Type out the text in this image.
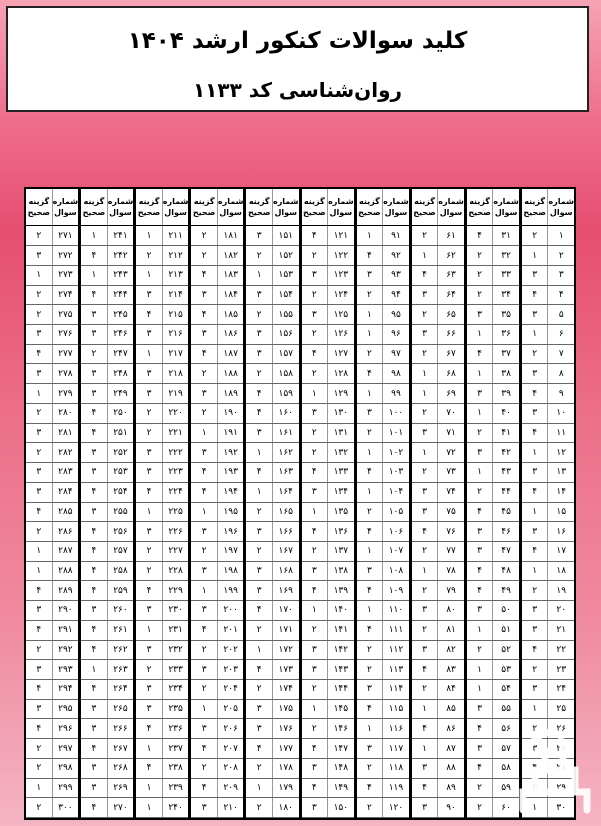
کلید سوالات کنکور ارشد ۱۴۰۴
روان‌شناسی کد ۱۱۳۳
شماره سوال
گزینه صحیح
۱
۲
۲
۱
۳
۳
۴
۴
۵
۳
۶
۱
۷
۲
۸
۳
۹
۴
۱۰
۳
۱۱
۴
۱۲
۱
۱۳
۳
۱۴
۴
۱۵
۱
۱۶
۳
۱۷
۴
۱۸
۱
۱۹
۲
۲۰
۳
۲۱
۳
۲۲
۴
۲۳
۲
۲۴
۳
۲۵
۱
۲۶
۲
۲۷
۳
۲۸
۴
۲۹
۳
۳۰
۱
شماره سوال
گزینه صحیح
۳۱
۴
۳۲
۲
۳۳
۲
۳۴
۲
۳۵
۳
۳۶
۱
۳۷
۴
۳۸
۱
۳۹
۳
۴۰
۱
۴۱
۲
۴۲
۳
۴۳
۱
۴۴
۲
۴۵
۴
۴۶
۳
۴۷
۳
۴۸
۴
۴۹
۴
۵۰
۳
۵۱
۱
۵۲
۲
۵۳
۱
۵۴
۱
۵۵
۳
۵۶
۴
۵۷
۳
۵۸
۴
۵۹
۲
۶۰
۲
شماره سوال
گزینه صحیح
۶۱
۲
۶۲
۱
۶۳
۴
۶۴
۳
۶۵
۲
۶۶
۳
۶۷
۲
۶۸
۱
۶۹
۱
۷۰
۲
۷۱
۳
۷۲
۱
۷۳
۲
۷۴
۳
۷۵
۳
۷۶
۴
۷۷
۲
۷۸
۱
۷۹
۲
۸۰
۳
۸۱
۲
۸۲
۳
۸۳
۴
۸۴
۲
۸۵
۱
۸۶
۴
۸۷
۱
۸۸
۳
۸۹
۴
۹۰
۳
شماره سوال
گزینه صحیح
۹۱
۱
۹۲
۴
۹۳
۳
۹۴
۲
۹۵
۱
۹۶
۱
۹۷
۲
۹۸
۴
۹۹
۱
۱۰۰
۳
۱۰۱
۲
۱۰۲
۱
۱۰۳
۴
۱۰۴
۱
۱۰۵
۲
۱۰۶
۴
۱۰۷
۱
۱۰۸
۳
۱۰۹
۴
۱۱۰
۱
۱۱۱
۴
۱۱۲
۲
۱۱۳
۲
۱۱۴
۳
۱۱۵
۴
۱۱۶
۱
۱۱۷
۳
۱۱۸
۲
۱۱۹
۴
۱۲۰
۲
شماره سوال
گزینه صحیح
۱۲۱
۴
۱۲۲
۲
۱۲۳
۳
۱۲۴
۲
۱۲۵
۳
۱۲۶
۲
۱۲۷
۴
۱۲۸
۲
۱۲۹
۱
۱۳۰
۳
۱۳۱
۲
۱۳۲
۲
۱۳۳
۴
۱۳۴
۳
۱۳۵
۱
۱۳۶
۴
۱۳۷
۲
۱۳۸
۳
۱۳۹
۴
۱۴۰
۱
۱۴۱
۲
۱۴۲
۳
۱۴۳
۳
۱۴۴
۲
۱۴۵
۱
۱۴۶
۲
۱۴۷
۴
۱۴۸
۳
۱۴۹
۴
۱۵۰
۳
شماره سوال
گزینه صحیح
۱۵۱
۳
۱۵۲
۲
۱۵۳
۱
۱۵۴
۳
۱۵۵
۲
۱۵۶
۳
۱۵۷
۳
۱۵۸
۲
۱۵۹
۴
۱۶۰
۴
۱۶۱
۳
۱۶۲
۱
۱۶۳
۴
۱۶۴
۱
۱۶۵
۲
۱۶۶
۳
۱۶۷
۲
۱۶۸
۳
۱۶۹
۳
۱۷۰
۴
۱۷۱
۲
۱۷۲
۱
۱۷۳
۴
۱۷۴
۲
۱۷۵
۳
۱۷۶
۳
۱۷۷
۴
۱۷۸
۲
۱۷۹
۱
۱۸۰
۲
شماره سوال
گزینه صحیح
۱۸۱
۲
۱۸۲
۲
۱۸۳
۴
۱۸۴
۳
۱۸۵
۴
۱۸۶
۳
۱۸۷
۴
۱۸۸
۲
۱۸۹
۳
۱۹۰
۲
۱۹۱
۱
۱۹۲
۳
۱۹۳
۴
۱۹۴
۴
۱۹۵
۱
۱۹۶
۳
۱۹۷
۲
۱۹۸
۳
۱۹۹
۱
۲۰۰
۳
۲۰۱
۴
۲۰۲
۲
۲۰۳
۳
۲۰۴
۲
۲۰۵
۱
۲۰۶
۳
۲۰۷
۴
۲۰۸
۲
۲۰۹
۴
۲۱۰
۳
شماره سوال
گزینه صحیح
۲۱۱
۱
۲۱۲
۲
۲۱۳
۱
۲۱۴
۳
۲۱۵
۴
۲۱۶
۳
۲۱۷
۱
۲۱۸
۳
۲۱۹
۳
۲۲۰
۲
۲۲۱
۲
۲۲۲
۳
۲۲۳
۳
۲۲۴
۴
۲۲۵
۱
۲۲۶
۳
۲۲۷
۲
۲۲۸
۲
۲۲۹
۴
۲۳۰
۳
۲۳۱
۱
۲۳۲
۳
۲۳۳
۲
۲۳۴
۳
۲۳۵
۳
۲۳۶
۴
۲۳۷
۱
۲۳۸
۴
۲۳۹
۱
۲۴۰
۱
شماره سوال
گزینه صحیح
۲۴۱
۱
۲۴۲
۴
۲۴۳
۱
۲۴۴
۴
۲۴۵
۳
۲۴۶
۳
۲۴۷
۲
۲۴۸
۳
۲۴۹
۳
۲۵۰
۴
۲۵۱
۴
۲۵۲
۳
۲۵۳
۳
۲۵۴
۴
۲۵۵
۳
۲۵۶
۴
۲۵۷
۴
۲۵۸
۴
۲۵۹
۴
۲۶۰
۳
۲۶۱
۴
۲۶۲
۴
۲۶۳
۱
۲۶۴
۴
۲۶۵
۳
۲۶۶
۳
۲۶۷
۴
۲۶۸
۳
۲۶۹
۳
۲۷۰
۴
شماره سوال
گزینه صحیح
۲۷۱
۲
۲۷۲
۳
۲۷۳
۱
۲۷۴
۲
۲۷۵
۲
۲۷۶
۳
۲۷۷
۴
۲۷۸
۳
۲۷۹
۱
۲۸۰
۲
۲۸۱
۳
۲۸۲
۲
۲۸۳
۳
۲۸۴
۳
۲۸۵
۴
۲۸۶
۲
۲۸۷
۱
۲۸۸
۱
۲۸۹
۴
۲۹۰
۳
۲۹۱
۴
۲۹۲
۲
۲۹۳
۳
۲۹۴
۴
۲۹۵
۳
۲۹۶
۴
۲۹۷
۲
۲۹۸
۲
۲۹۹
۱
۳۰۰
۲
